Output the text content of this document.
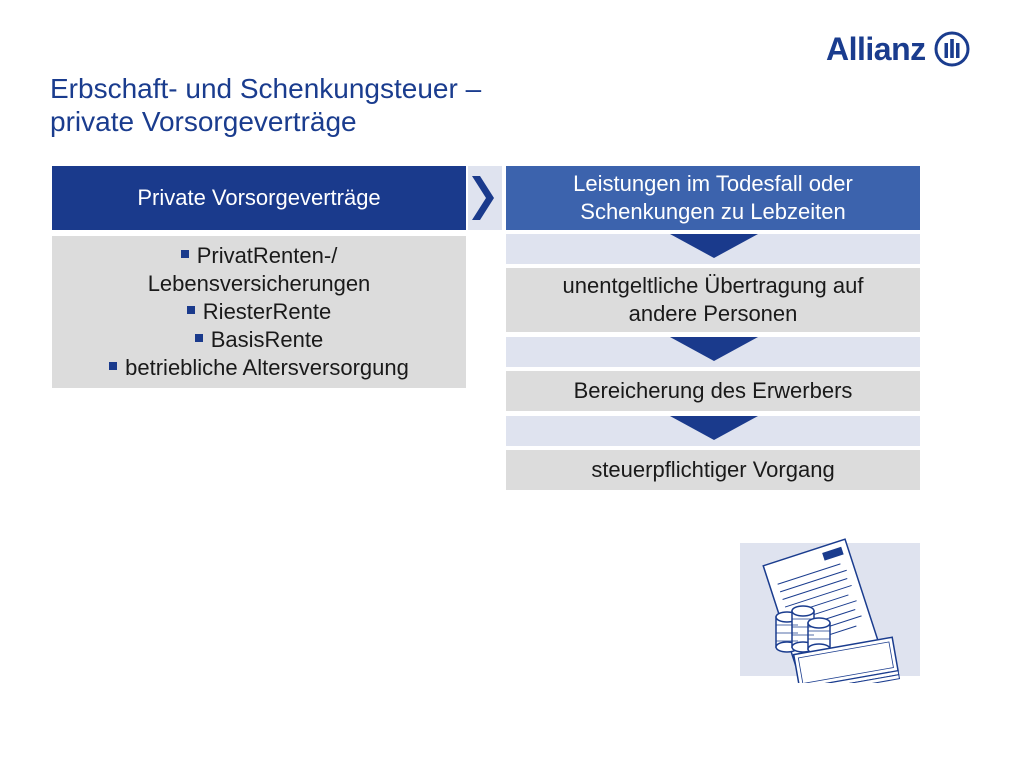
Allianz
Erbschaft- und Schenkungsteuer –
private Vorsorgeverträge
Private Vorsorgeverträge
PrivatRenten-/
Lebensversicherungen
RiesterRente
BasisRente
betriebliche Altersversorgung
Leistungen im Todesfall oder
Schenkungen zu Lebzeiten
unentgeltliche Übertragung auf
andere Personen
Bereicherung des Erwerbers
steuerpflichtiger Vorgang
